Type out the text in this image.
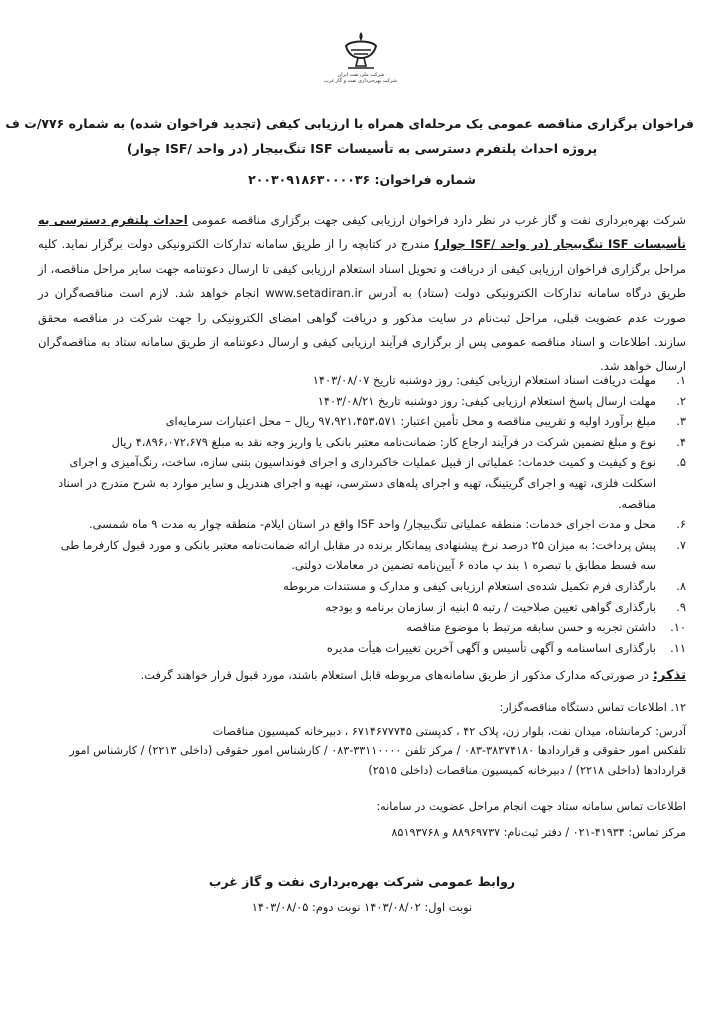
شرکت ملی نفت ایران
شرکت بهره‌برداری نفت و گاز غرب
فراخوان برگزاری مناقصه عمومی یک مرحله‌ای همراه با ارزیابی کیفی (تجدید فراخوان شده) به شماره ۷۷۶/ت ف
پروژه احداث پلتفرم دسترسی به تأسیسات ISF تنگ‌بیجار (در واحد /ISF چوار)
شماره فراخوان: ۲۰۰۳۰۹۱۸۶۳۰۰۰۰۳۶
شرکت بهره‌برداری نفت و گاز غرب در نظر دارد فراخوان ارزیابی کیفی جهت برگزاری مناقصه عمومی احداث پلتفرم دسترسی به تأسیسات ISF تنگ‌بیجار (در واحد /ISF چوار) مندرج در کتابچه را از طریق سامانه تدارکات الکترونیکی دولت برگزار نماید. کلیه مراحل برگزاری فراخوان ارزیابی کیفی از دریافت و تحویل اسناد استعلام ارزیابی کیفی تا ارسال دعوتنامه جهت سایر مراحل مناقصه، از طریق درگاه سامانه تدارکات الکترونیکی دولت (ستاد) به آدرس www.setadiran.ir انجام خواهد شد. لازم است مناقصه‌گران در صورت عدم عضویت قبلی، مراحل ثبت‌نام در سایت مذکور و دریافت گواهی امضای الکترونیکی را جهت شرکت در مناقصه محقق سازند. اطلاعات و اسناد مناقصه عمومی پس از برگزاری فرآیند ارزیابی کیفی و ارسال دعوتنامه از طریق سامانه ستاد به مناقصه‌گران ارسال خواهد شد.
۱.
مهلت دریافت اسناد استعلام ارزیابی کیفی: روز دوشنبه تاریخ ۱۴۰۳/۰۸/۰۷
۲.
مهلت ارسال پاسخ استعلام ارزیابی کیفی: روز دوشنبه تاریخ ۱۴۰۳/۰۸/۲۱
۳.
مبلغ برآورد اولیه و تقریبی مناقصه و محل تأمین اعتبار: ۹۷،۹۲۱،۴۵۳،۵۷۱ ریال – محل اعتبارات سرمایه‌ای
۴.
نوع و مبلغ تضمین شرکت در فرآیند ارجاع کار: ضمانت‌نامه معتبر بانکی یا واریز وجه نقد به مبلغ ۴،۸۹۶،۰۷۲،۶۷۹ ریال
۵.
نوع و کیفیت و کمیت خدمات: عملیاتی از قبیل عملیات خاکبرداری و اجرای فونداسیون بتنی سازه، ساخت، رنگ‌آمیزی و اجرای اسکلت فلزی، تهیه و اجرای گریتینگ، تهیه و اجرای پله‌های دسترسی، تهیه و اجرای هندریل و سایر موارد به شرح مندرج در اسناد مناقصه.
۶.
محل و مدت اجرای خدمات: منطقه عملیاتی تنگ‌بیجار/ واحد ISF واقع در استان ایلام- منطقه چوار به مدت ۹ ماه شمسی.
۷.
پیش پرداخت: به میزان ۲۵ درصد نرخ پیشنهادی پیمانکار برنده در مقابل ارائه ضمانت‌نامه معتبر بانکی و مورد قبول کارفرما طی سه قسط مطابق با تبصره ۱ بند پ ماده ۶ آیین‌نامه تضمین در معاملات دولتی.
۸.
بارگذاری فرم تکمیل شده‌ی استعلام ارزیابی کیفی و مدارک و مستندات مربوطه
۹.
بارگذاری گواهی تعیین صلاحیت / رتبه ۵ ابنیه از سازمان برنامه و بودجه
۱۰.
داشتن تجربه و حسن سابقه مرتبط با موضوع مناقصه
۱۱.
بارگذاری اساسنامه و آگهی تأسیس و آگهی آخرین تغییرات هیأت مدیره
تذکر: در صورتی‌که مدارک مذکور از طریق سامانه‌های مربوطه قابل استعلام باشند، مورد قبول قرار خواهند گرفت.
۱۲. اطلاعات تماس دستگاه مناقصه‌گزار:
آدرس: کرمانشاه، میدان نفت، بلوار زن، پلاک ۴۲ ، کدپستی ۶۷۱۴۶۷۷۷۴۵ ، دبیرخانه کمیسیون مناقصات
تلفکس امور حقوقی و قراردادها ۳۸۳۷۴۱۸۰-۰۸۳ / مرکز تلفن ۳۳۱۱۰۰۰۰-۰۸۳ / کارشناس امور حقوقی (داخلی ۲۲۱۳) / کارشناس امور قراردادها (داخلی ۲۲۱۸) / دبیرخانه کمیسیون مناقصات (داخلی ۲۵۱۵)
اطلاعات تماس سامانه ستاد جهت انجام مراحل عضویت در سامانه:
مرکز تماس: ۴۱۹۳۴-۰۲۱ / دفتر ثبت‌نام: ۸۸۹۶۹۷۳۷ و ۸۵۱۹۳۷۶۸
روابط عمومی شرکت بهره‌برداری نفت و گاز غرب
نوبت اول: ۱۴۰۳/۰۸/۰۲ نوبت دوم: ۱۴۰۳/۰۸/۰۵
